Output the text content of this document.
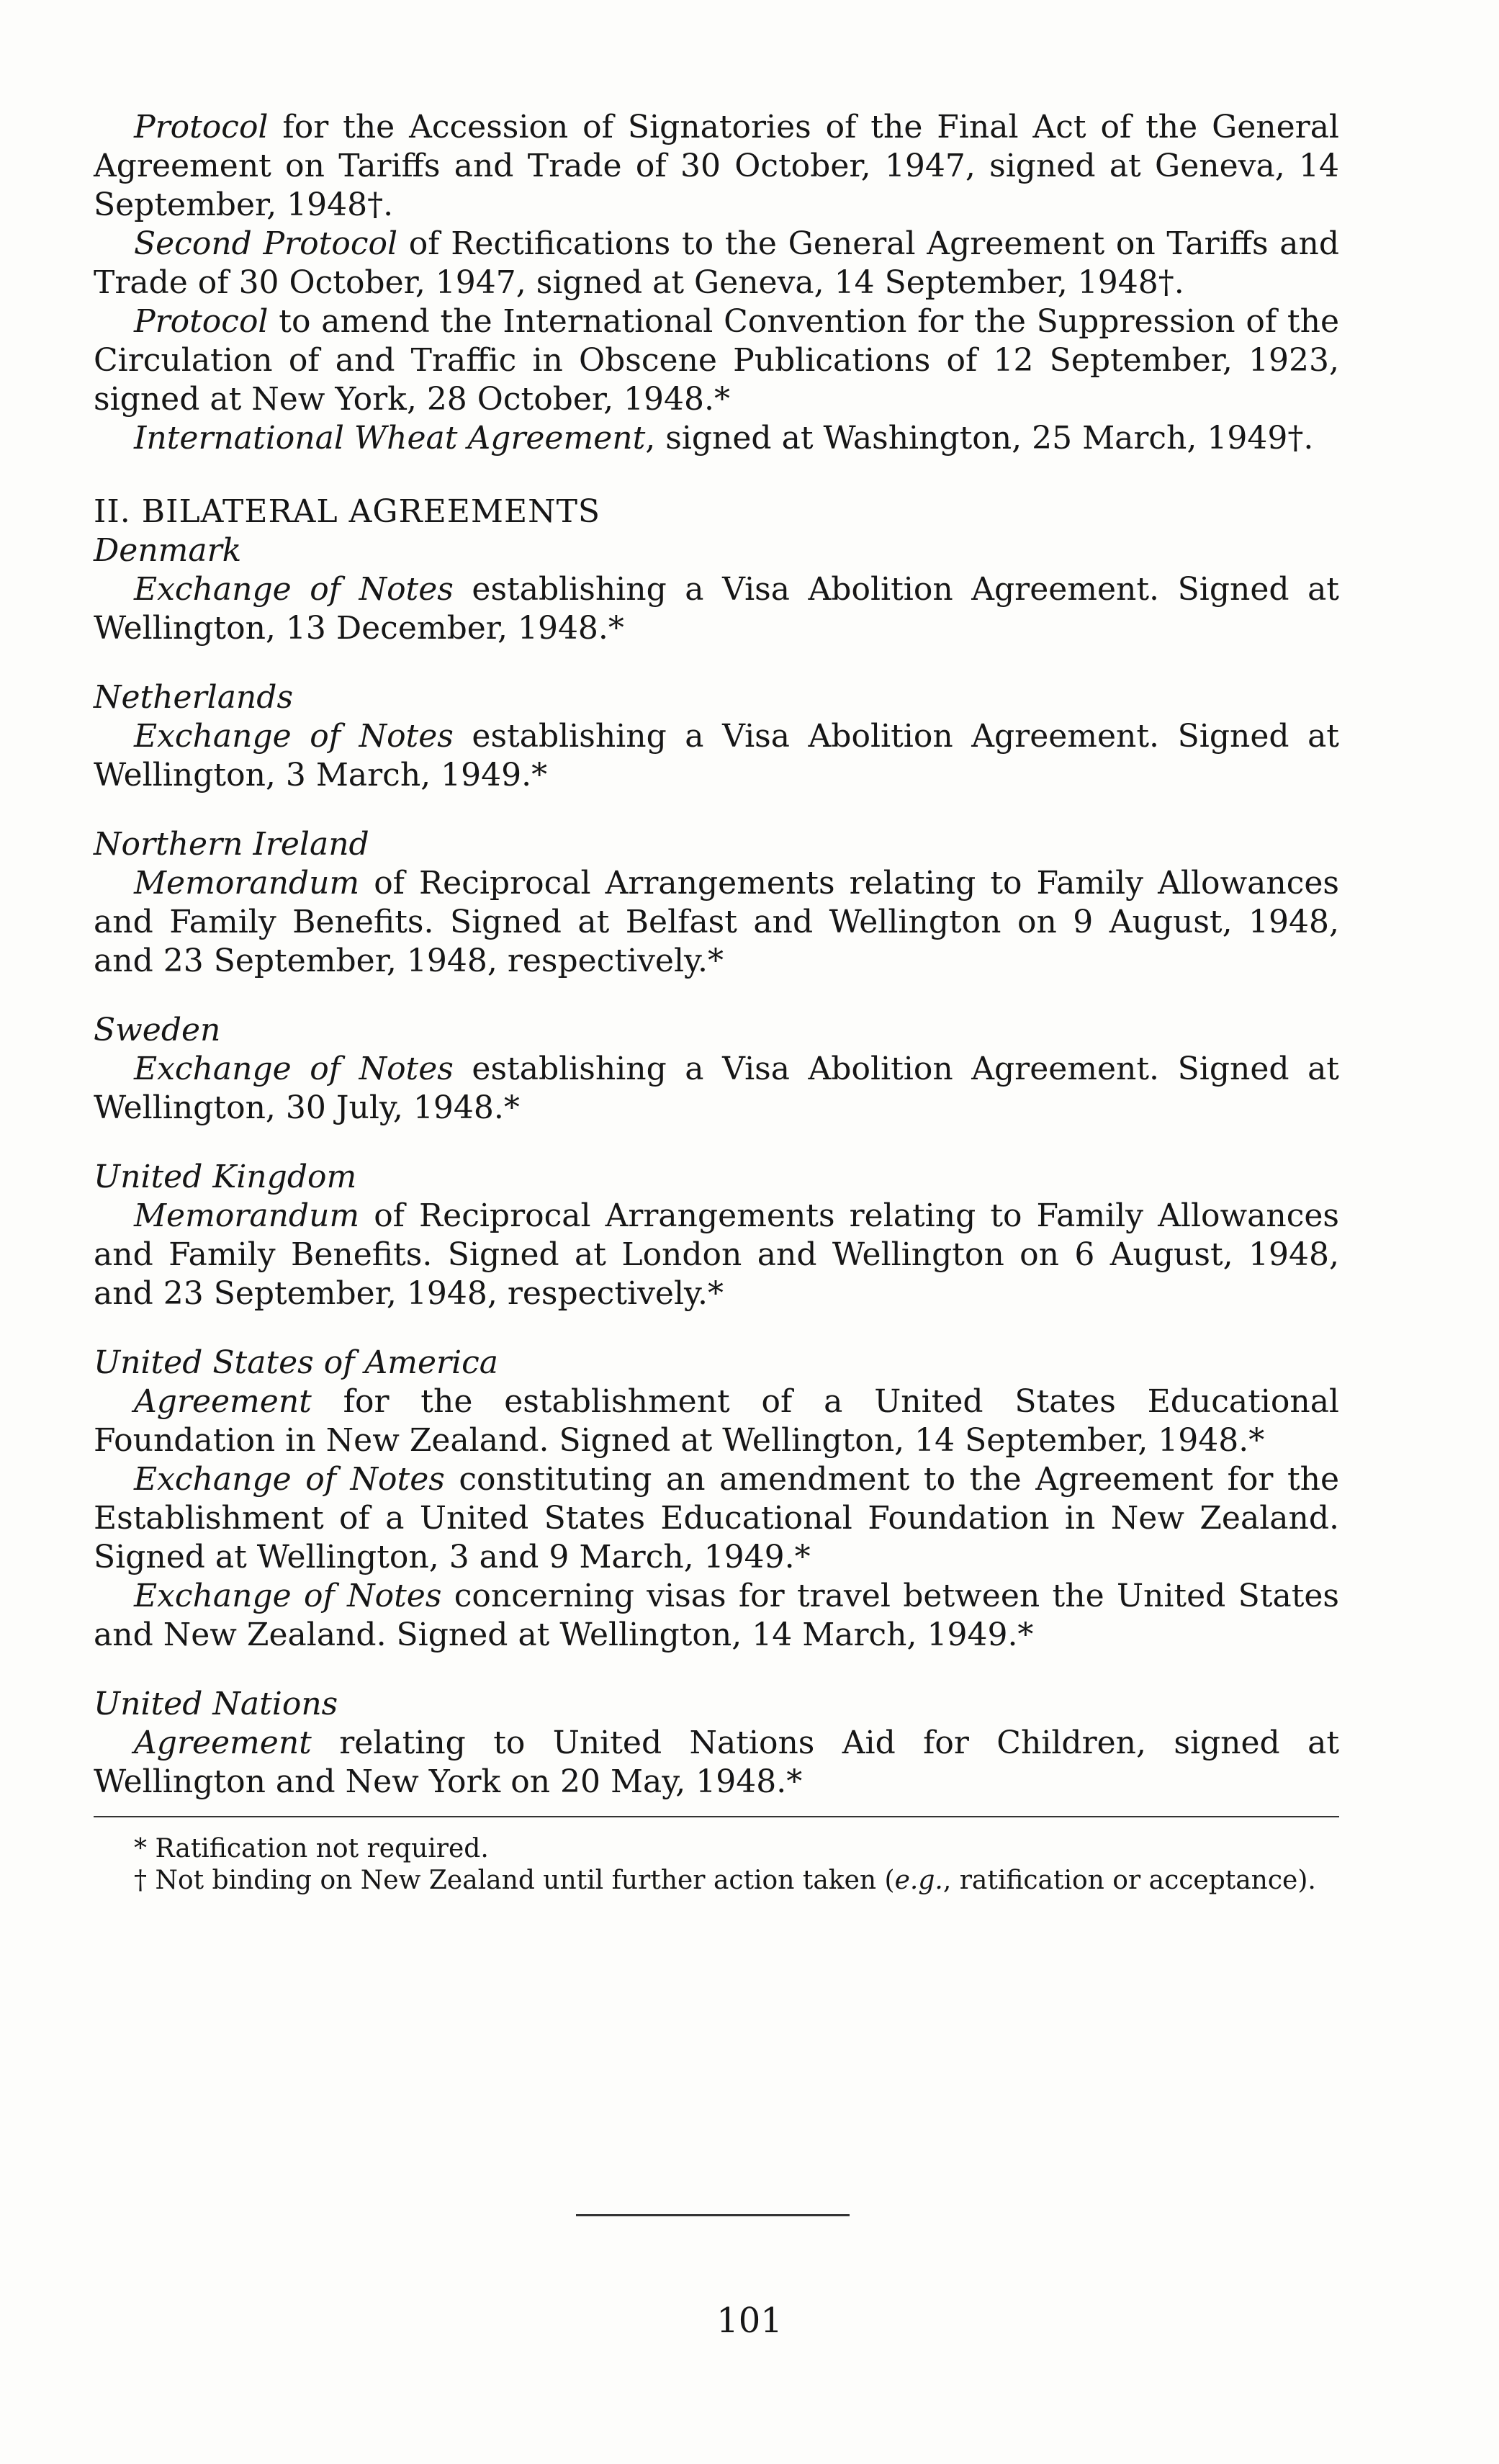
Protocol for the Accession of Signatories of the Final Act of the General Agreement on Tariffs and Trade of 30 October, 1947, signed at Geneva, 14 September, 1948†.

Second Protocol of Rectifications to the General Agreement on Tariffs and Trade of 30 October, 1947, signed at Geneva, 14 September, 1948†.

Protocol to amend the International Convention for the Suppression of the Circulation of and Traffic in Obscene Publications of 12 September, 1923, signed at New York, 28 October, 1948.*

International Wheat Agreement, signed at Washington, 25 March, 1949†.

II. BILATERAL AGREEMENTS

Denmark

Exchange of Notes establishing a Visa Abolition Agreement. Signed at Wellington, 13 December, 1948.*

Netherlands

Exchange of Notes establishing a Visa Abolition Agreement. Signed at Wellington, 3 March, 1949.*

Northern Ireland

Memorandum of Reciprocal Arrangements relating to Family Allowances and Family Benefits. Signed at Belfast and Wellington on 9 August, 1948, and 23 September, 1948, respectively.*

Sweden

Exchange of Notes establishing a Visa Abolition Agreement. Signed at Wellington, 30 July, 1948.*

United Kingdom

Memorandum of Reciprocal Arrangements relating to Family Allowances and Family Benefits. Signed at London and Wellington on 6 August, 1948, and 23 September, 1948, respectively.*

United States of America

Agreement for the establishment of a United States Educational Foundation in New Zealand. Signed at Wellington, 14 September, 1948.*

Exchange of Notes constituting an amendment to the Agreement for the Establishment of a United States Educational Foundation in New Zealand. Signed at Wellington, 3 and 9 March, 1949.*

Exchange of Notes concerning visas for travel between the United States and New Zealand. Signed at Wellington, 14 March, 1949.*

United Nations

Agreement relating to United Nations Aid for Children, signed at Wellington and New York on 20 May, 1948.*

* Ratification not required.

† Not binding on New Zealand until further action taken (e.g., ratification or acceptance).

101
